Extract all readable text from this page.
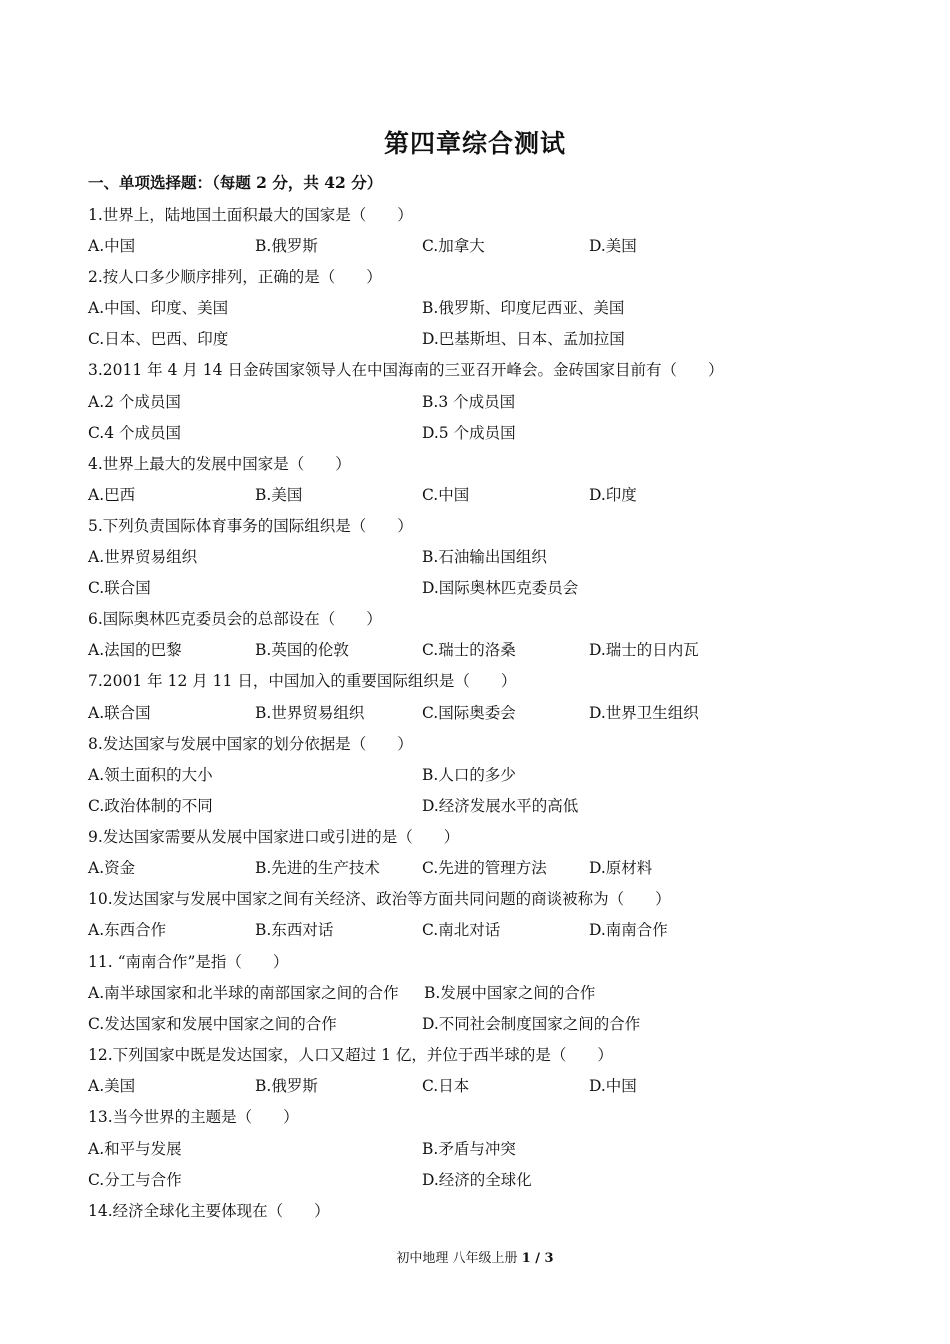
第四章综合测试
一、单项选择题：（每题 2 分，共 42 分）
1.世界上，陆地国土面积最大的国家是（　　）
A.中国	B.俄罗斯	C.加拿大	D.美国
2.按人口多少顺序排列，正确的是（　　）
A.中国、印度、美国	B.俄罗斯、印度尼西亚、美国
C.日本、巴西、印度	D.巴基斯坦、日本、孟加拉国
3.2011 年 4 月 14 日金砖国家领导人在中国海南的三亚召开峰会。金砖国家目前有（　　）
A.2 个成员国	B.3 个成员国
C.4 个成员国	D.5 个成员国
4.世界上最大的发展中国家是（　　）
A.巴西	B.美国	C.中国	D.印度
5.下列负责国际体育事务的国际组织是（　　）
A.世界贸易组织	B.石油输出国组织
C.联合国	D.国际奥林匹克委员会
6.国际奥林匹克委员会的总部设在（　　）
A.法国的巴黎	B.英国的伦敦	C.瑞士的洛桑	D.瑞士的日内瓦
7.2001 年 12 月 11 日，中国加入的重要国际组织是（　　）
A.联合国	B.世界贸易组织	C.国际奥委会	D.世界卫生组织
8.发达国家与发展中国家的划分依据是（　　）
A.领土面积的大小	B.人口的多少
C.政治体制的不同	D.经济发展水平的高低
9.发达国家需要从发展中国家进口或引进的是（　　）
A.资金	B.先进的生产技术	C.先进的管理方法	D.原材料
10.发达国家与发展中国家之间有关经济、政治等方面共同问题的商谈被称为（　　）
A.东西合作	B.东西对话	C.南北对话	D.南南合作
11. “南南合作”是指（　　）
A.南半球国家和北半球的南部国家之间的合作 B.发展中国家之间的合作
C.发达国家和发展中国家之间的合作	D.不同社会制度国家之间的合作
12.下列国家中既是发达国家，人口又超过 1 亿，并位于西半球的是（　　）
A.美国	B.俄罗斯	C.日本	D.中国
13.当今世界的主题是（　　）
A.和平与发展	B.矛盾与冲突
C.分工与合作	D.经济的全球化
14.经济全球化主要体现在（　　）
初中地理 八年级上册 1 / 3
